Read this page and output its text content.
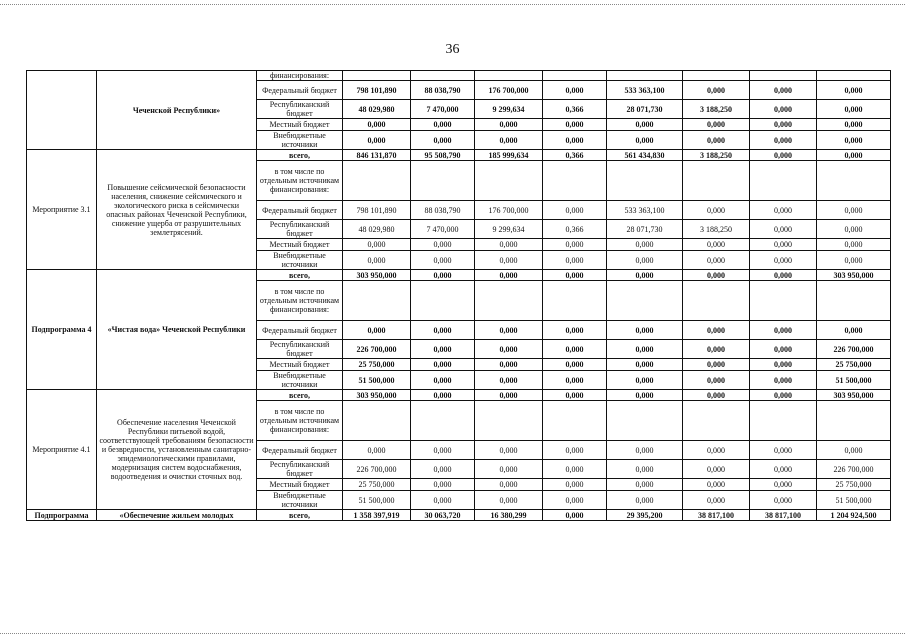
36
	Чеченской Республики»	финансирования:								
		Федеральный бюджет	798 101,890	88 038,790	176 700,000	0,000	533 363,100	0,000	0,000	0,000
		Республиканский бюджет	48 029,980	7 470,000	9 299,634	0,366	28 071,730	3 188,250	0,000	0,000
		Местный бюджет	0,000	0,000	0,000	0,000	0,000	0,000	0,000	0,000
		Внебюджетные источники	0,000	0,000	0,000	0,000	0,000	0,000	0,000	0,000
Мероприятие 3.1	Повышение сейсмической безопасности населения, снижение сейсмического и экологического риска в сейсмически опасных районах Чеченской Республики, снижение ущерба от разрушительных землетрясений.	всего,	846 131,870	95 508,790	185 999,634	0,366	561 434,830	3 188,250	0,000	0,000
		в том числе по отдельным источникам финансирования:								
		Федеральный бюджет	798 101,890	88 038,790	176 700,000	0,000	533 363,100	0,000	0,000	0,000
		Республиканский бюджет	48 029,980	7 470,000	9 299,634	0,366	28 071,730	3 188,250	0,000	0,000
		Местный бюджет	0,000	0,000	0,000	0,000	0,000	0,000	0,000	0,000
		Внебюджетные источники	0,000	0,000	0,000	0,000	0,000	0,000	0,000	0,000
Подпрограмма 4	«Чистая вода» Чеченской Республики	всего,	303 950,000	0,000	0,000	0,000	0,000	0,000	0,000	303 950,000
		в том числе по отдельным источникам финансирования:								
		Федеральный бюджет	0,000	0,000	0,000	0,000	0,000	0,000	0,000	0,000
		Республиканский бюджет	226 700,000	0,000	0,000	0,000	0,000	0,000	0,000	226 700,000
		Местный бюджет	25 750,000	0,000	0,000	0,000	0,000	0,000	0,000	25 750,000
		Внебюджетные источники	51 500,000	0,000	0,000	0,000	0,000	0,000	0,000	51 500,000
Мероприятие 4.1	Обеспечение населения Чеченской Республики питьевой водой, соответствующей требованиям безопасности и безвредности, установленным санитарно-эпидемиологическими правилами, модернизация систем водоснабжения, водоотведения и очистки сточных вод.	всего,	303 950,000	0,000	0,000	0,000	0,000	0,000	0,000	303 950,000
		в том числе по отдельным источникам финансирования:								
		Федеральный бюджет	0,000	0,000	0,000	0,000	0,000	0,000	0,000	0,000
		Республиканский бюджет	226 700,000	0,000	0,000	0,000	0,000	0,000	0,000	226 700,000
		Местный бюджет	25 750,000	0,000	0,000	0,000	0,000	0,000	0,000	25 750,000
		Внебюджетные источники	51 500,000	0,000	0,000	0,000	0,000	0,000	0,000	51 500,000
Подпрограмма	«Обеспечение жильем молодых	всего,	1 358 397,919	30 063,720	16 380,299	0,000	29 395,200	38 817,100	38 817,100	1 204 924,500
